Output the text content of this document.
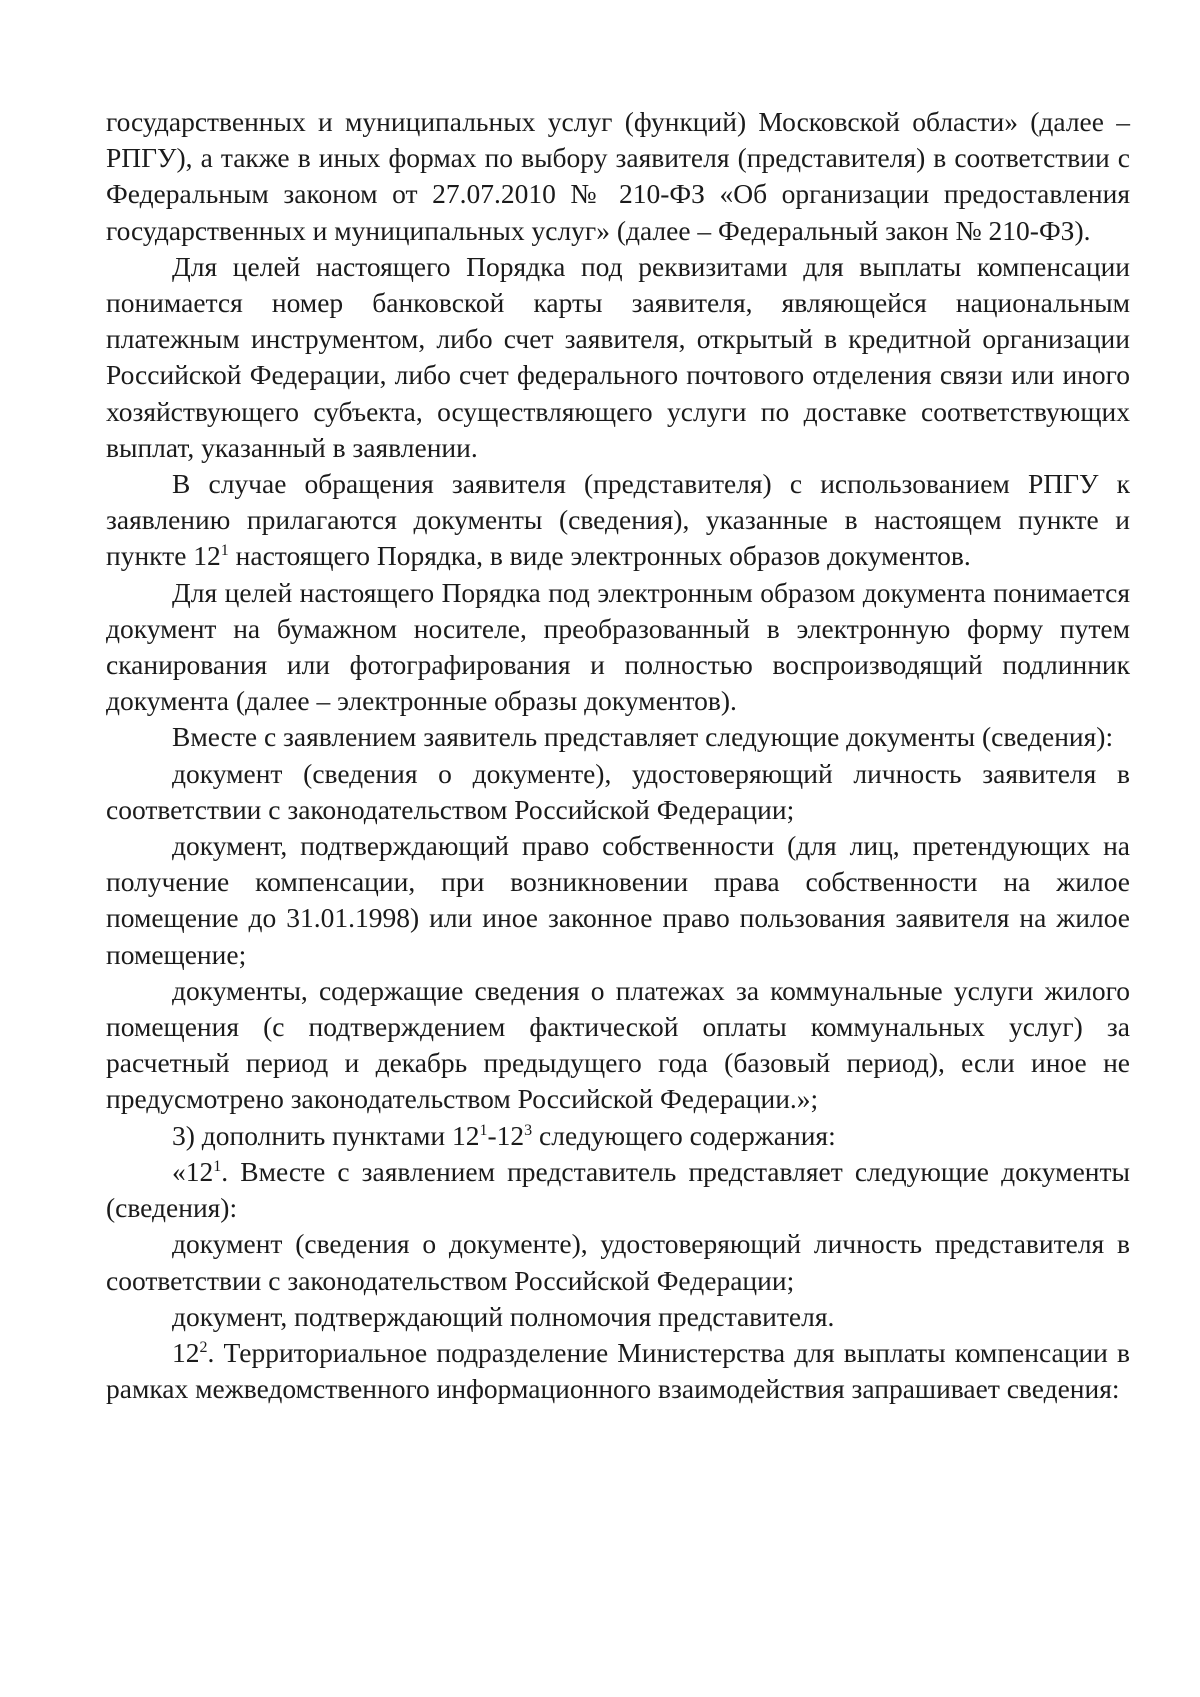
государственных и муниципальных услуг (функций) Московской области» (далее – РПГУ), а также в иных формах по выбору заявителя (представителя) в соответствии с Федеральным законом от 27.07.2010 № 210-ФЗ «Об организации предоставления государственных и муниципальных услуг» (далее – Федеральный закон № 210-ФЗ).

Для целей настоящего Порядка под реквизитами для выплаты компенсации понимается номер банковской карты заявителя, являющейся национальным платежным инструментом, либо счет заявителя, открытый в кредитной организации Российской Федерации, либо счет федерального почтового отделения связи или иного хозяйствующего субъекта, осуществляющего услуги по доставке соответствующих выплат, указанный в заявлении.

В случае обращения заявителя (представителя) с использованием РПГУ к заявлению прилагаются документы (сведения), указанные в настоящем пункте и пункте $12^1$ настоящего Порядка, в виде электронных образов документов.

Для целей настоящего Порядка под электронным образом документа понимается документ на бумажном носителе, преобразованный в электронную форму путем сканирования или фотографирования и полностью воспроизводящий подлинник документа (далее – электронные образы документов).

Вместе с заявлением заявитель представляет следующие документы (сведения):

документ (сведения о документе), удостоверяющий личность заявителя в соответствии с законодательством Российской Федерации;

документ, подтверждающий право собственности (для лиц, претендующих на получение компенсации, при возникновении права собственности на жилое помещение до 31.01.1998) или иное законное право пользования заявителя на жилое помещение;

документы, содержащие сведения о платежах за коммунальные услуги жилого помещения (с подтверждением фактической оплаты коммунальных услуг) за расчетный период и декабрь предыдущего года (базовый период), если иное не предусмотрено законодательством Российской Федерации.»;

3) дополнить пунктами $12^1-12^3$ следующего содержания:

«$12^1$. Вместе с заявлением представитель представляет следующие документы (сведения):

документ (сведения о документе), удостоверяющий личность представителя в соответствии с законодательством Российской Федерации;

документ, подтверждающий полномочия представителя.

$12^2$. Территориальное подразделение Министерства для выплаты компенсации в рамках межведомственного информационного взаимодействия запрашивает сведения:
